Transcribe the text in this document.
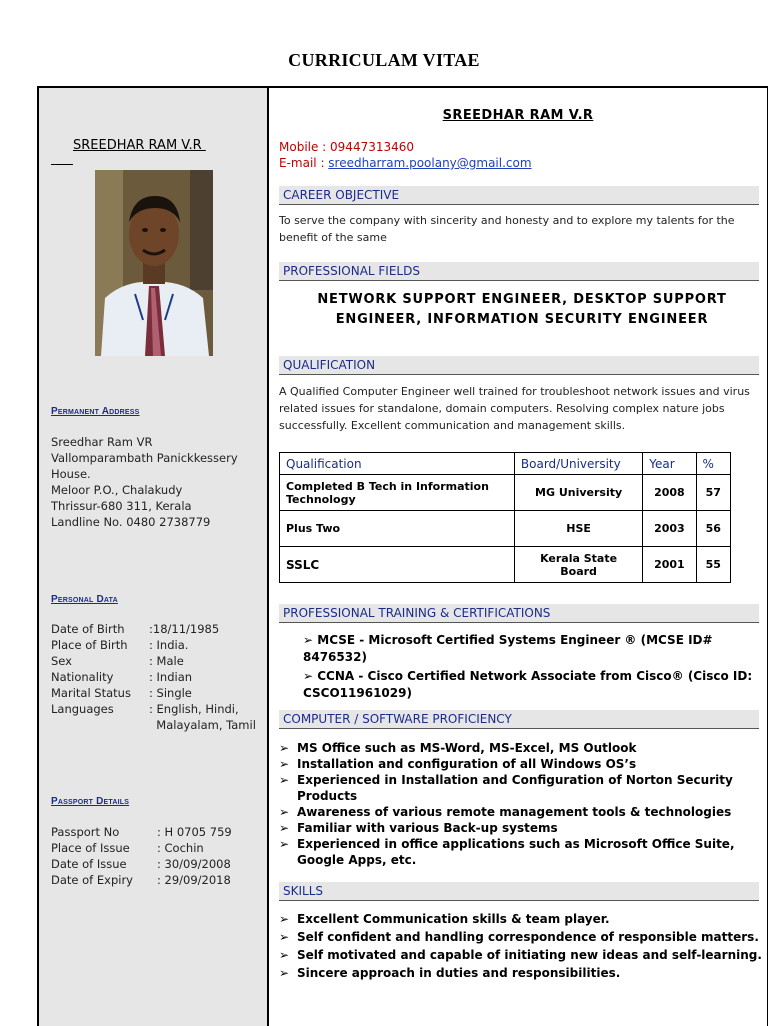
CURRICULAM VITAE
SREEDHAR RAM V.R
Permanent Address
Sreedhar Ram VR
Vallomparambath Panickkessery
House.
Meloor P.O., Chalakudy
Thrissur-680 311, Kerala
Landline No. 0480 2738779
Personal Data
Date of Birth	:18/11/1985
Place of Birth	: India.
Sex	: Male
Nationality	: Indian
Marital Status	: Single
Languages	: English, Hindi,
Malayalam, Tamil
Passport Details
Passport No	: H 0705 759
Place of Issue	: Cochin
Date of Issue	: 30/09/2008
Date of Expiry	: 29/09/2018
SREEDHAR RAM V.R
Mobile : 09447313460
E-mail : sreedharram.poolany@gmail.com
CAREER OBJECTIVE
To serve the company with sincerity and honesty and to explore my talents for the benefit of the same
PROFESSIONAL FIELDS
NETWORK SUPPORT ENGINEER, DESKTOP SUPPORT ENGINEER, INFORMATION SECURITY ENGINEER
QUALIFICATION
A Qualified Computer Engineer well trained for troubleshoot network issues and virus related issues for standalone, domain computers. Resolving complex nature jobs successfully. Excellent communication and management skills.
Qualification	Board/University	Year	%
Completed B Tech in Information Technology	MG University	2008	57
Plus Two	HSE	2003	56
SSLC	Kerala State Board	2001	55
PROFESSIONAL TRAINING & CERTIFICATIONS
➢ MCSE - Microsoft Certified Systems Engineer ® (MCSE ID# 8476532)
➢ CCNA - Cisco Certified Network Associate from Cisco® (Cisco ID: CSCO11961029)
COMPUTER / SOFTWARE PROFICIENCY
➢ MS Office such as MS-Word, MS-Excel, MS Outlook
➢ Installation and configuration of all Windows OS’s
➢ Experienced in Installation and Configuration of Norton Security Products
➢ Awareness of various remote management tools & technologies
➢ Familiar with various Back-up systems
➢ Experienced in office applications such as Microsoft Office Suite, Google Apps, etc.
SKILLS
➢ Excellent Communication skills & team player.
➢ Self confident and handling correspondence of responsible matters.
➢ Self motivated and capable of initiating new ideas and self-learning.
➢ Sincere approach in duties and responsibilities.
